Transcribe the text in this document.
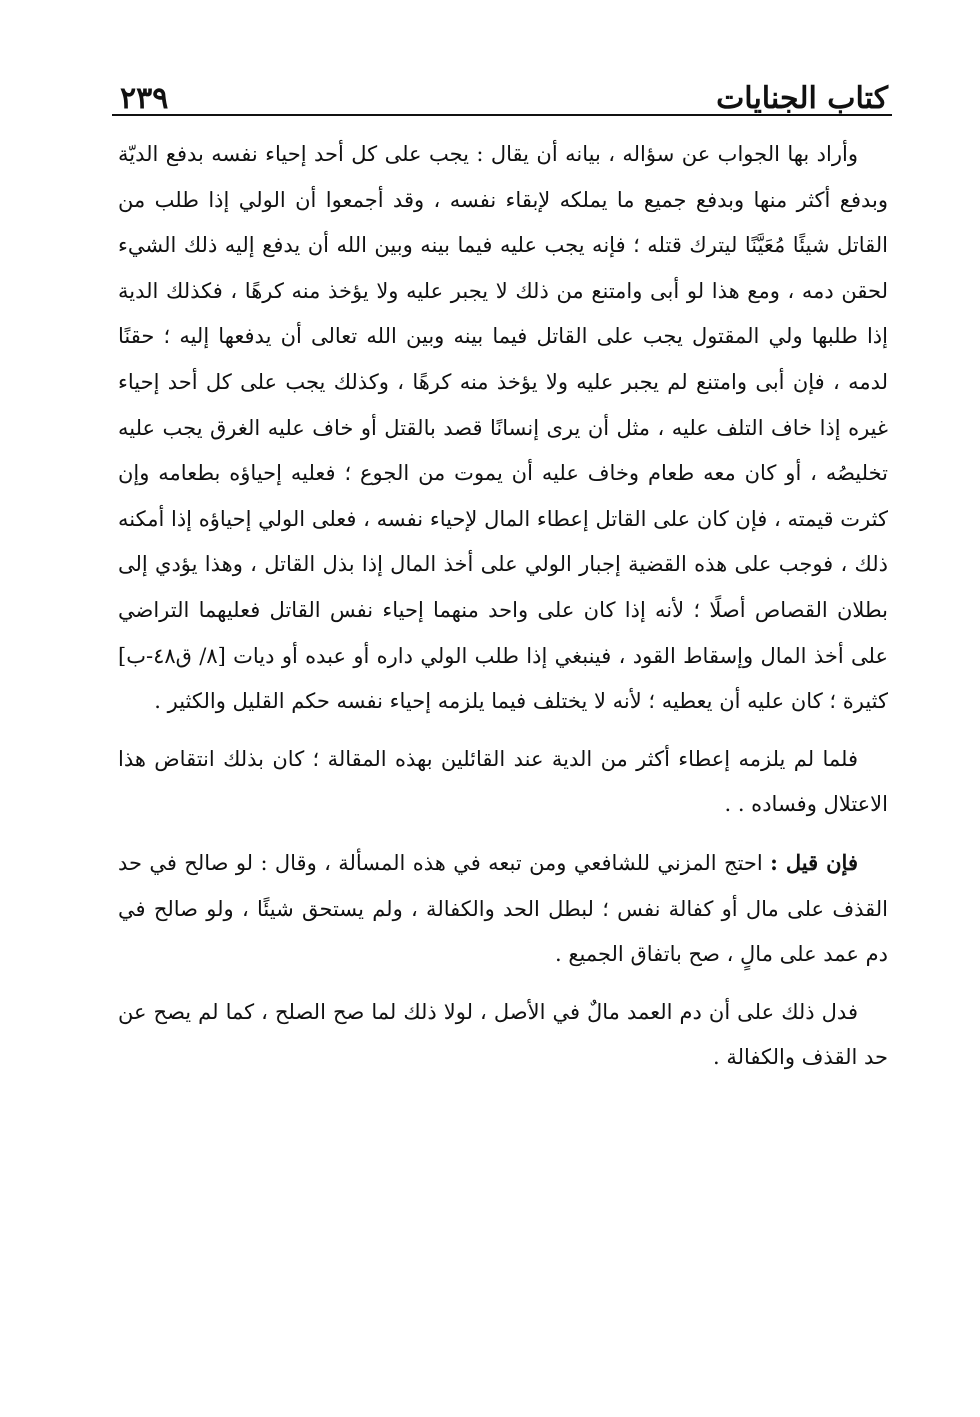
كتاب الجنايات
٢٣٩

وأراد بها الجواب عن سؤاله ، بيانه أن يقال : يجب على كل أحد إحياء نفسه بدفع الديّة وبدفع أكثر منها وبدفع جميع ما يملكه لإبقاء نفسه ، وقد أجمعوا أن الولي إذا طلب من القاتل شيئًا مُعَيَّنًا ليترك قتله ؛ فإنه يجب عليه فيما بينه وبين الله أن يدفع إليه ذلك الشيء لحقن دمه ، ومع هذا لو أبى وامتنع من ذلك لا يجبر عليه ولا يؤخذ منه كرهًا ، فكذلك الدية إذا طلبها ولي المقتول يجب على القاتل فيما بينه وبين الله تعالى أن يدفعها إليه ؛ حقنًا لدمه ، فإن أبى وامتنع لم يجبر عليه ولا يؤخذ منه كرهًا ، وكذلك يجب على كل أحد إحياء غيره إذا خاف التلف عليه ، مثل أن يرى إنسانًا قصد بالقتل أو خاف عليه الغرق يجب عليه تخليصُه ، أو كان معه طعام وخاف عليه أن يموت من الجوع ؛ فعليه إحياؤه بطعامه وإن كثرت قيمته ، فإن كان على القاتل إعطاء المال لإحياء نفسه ، فعلى الولي إحياؤه إذا أمكنه ذلك ، فوجب على هذه القضية إجبار الولي على أخذ المال إذا بذل القاتل ، وهذا يؤدي إلى بطلان القصاص أصلًا ؛ لأنه إذا كان على واحد منهما إحياء نفس القاتل فعليهما التراضي على أخذ المال وإسقاط القود ، فينبغي إذا طلب الولي داره أو عبده أو ديات [٨/ ق٤٨-ب] كثيرة ؛ كان عليه أن يعطيه ؛ لأنه لا يختلف فيما يلزمه إحياء نفسه حكم القليل والكثير .

فلما لم يلزمه إعطاء أكثر من الدية عند القائلين بهذه المقالة ؛ كان بذلك انتقاض هذا الاعتلال وفساده . .

فإن قيل : احتج المزني للشافعي ومن تبعه في هذه المسألة ، وقال : لو صالح في حد القذف على مال أو كفالة نفس ؛ لبطل الحد والكفالة ، ولم يستحق شيئًا ، ولو صالح في دم عمد على مالٍ ، صح باتفاق الجميع .

فدل ذلك على أن دم العمد مالٌ في الأصل ، لولا ذلك لما صح الصلح ، كما لم يصح عن حد القذف والكفالة .
